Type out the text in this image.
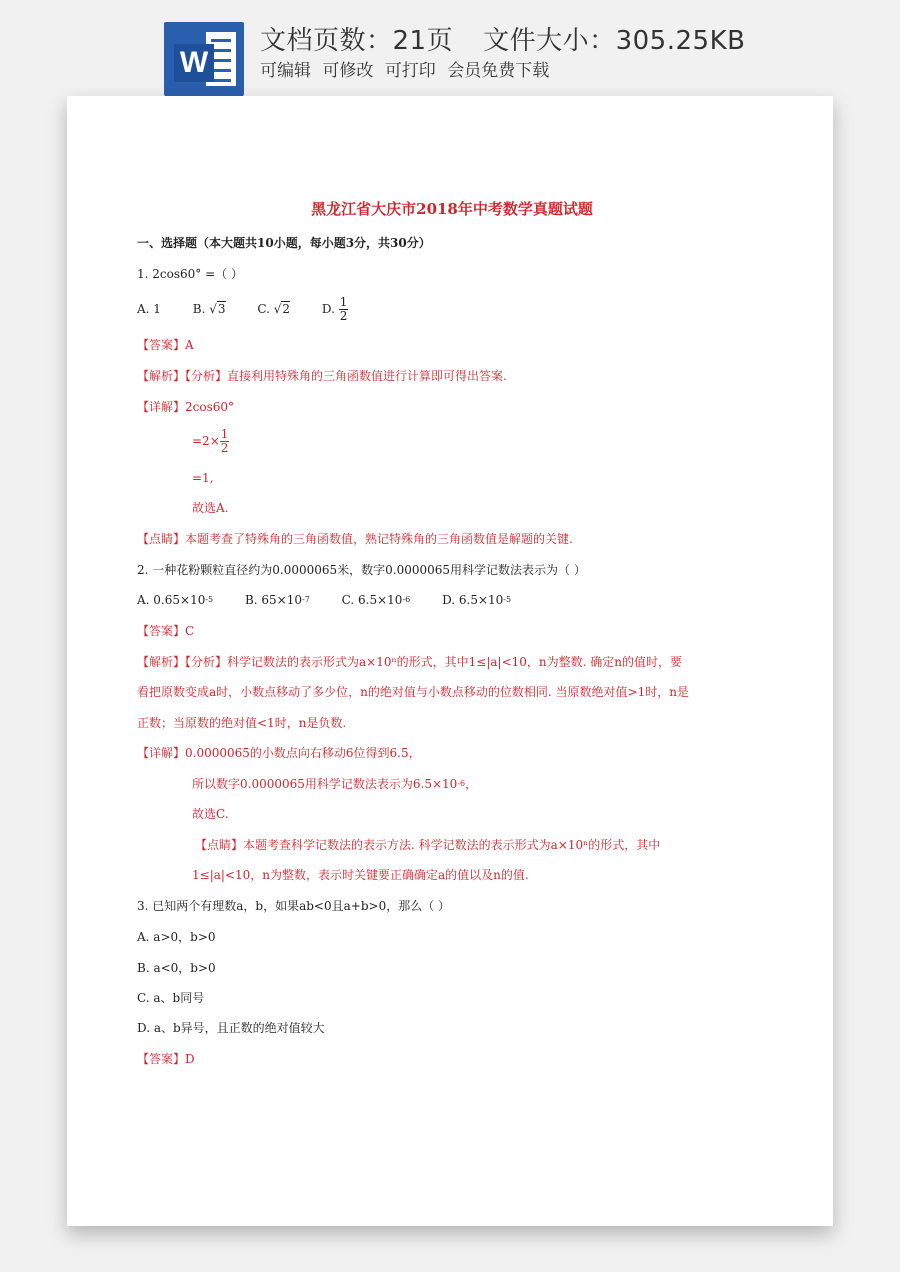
W
文档页数：21页 文件大小：305.25KB
可编辑 可修改 可打印 会员免费下载
黑龙江省大庆市2018年中考数学真题试题
一、选择题（本大题共10小题，每小题3分，共30分）
1. 2cos60° =（ ）
A. 1	B. √3	C. √2	D. $\frac{1}{2}$
【答案】A
【解析】【分析】直接利用特殊角的三角函数值进行计算即可得出答案.
【详解】2cos60°
$=2\times \frac{1}{2}$
=1,
故选A.
【点睛】本题考查了特殊角的三角函数值，熟记特殊角的三角函数值是解题的关键.
2. 一种花粉颗粒直径约为0.0000065米，数字0.0000065用科学记数法表示为（ ）
A. $0.65\times 10^{-5}$	B. $65\times 10^{-7}$	C. $6.5\times 10^{-6}$	D. $6.5\times 10^{-5}$
【答案】C
【解析】【分析】科学记数法的表示形式为a×10ⁿ的形式，其中1≤|a|<10，n为整数. 确定n的值时，要
看把原数变成a时，小数点移动了多少位，n的绝对值与小数点移动的位数相同. 当原数绝对值>1时，n是
正数；当原数的绝对值<1时，n是负数.
【详解】0.0000065的小数点向右移动6位得到6.5，
所以数字0.0000065用科学记数法表示为$6.5\times 10^{-6}$，
故选C.
【点睛】本题考查科学记数法的表示方法. 科学记数法的表示形式为a×10ⁿ的形式，其中
1≤|a|<10，n为整数，表示时关键要正确确定a的值以及n的值.
3. 已知两个有理数a，b，如果ab<0且a+b>0，那么（ ）
A. a>0，b>0
B. a<0，b>0
C. a、b同号
D. a、b异号，且正数的绝对值较大
【答案】D
